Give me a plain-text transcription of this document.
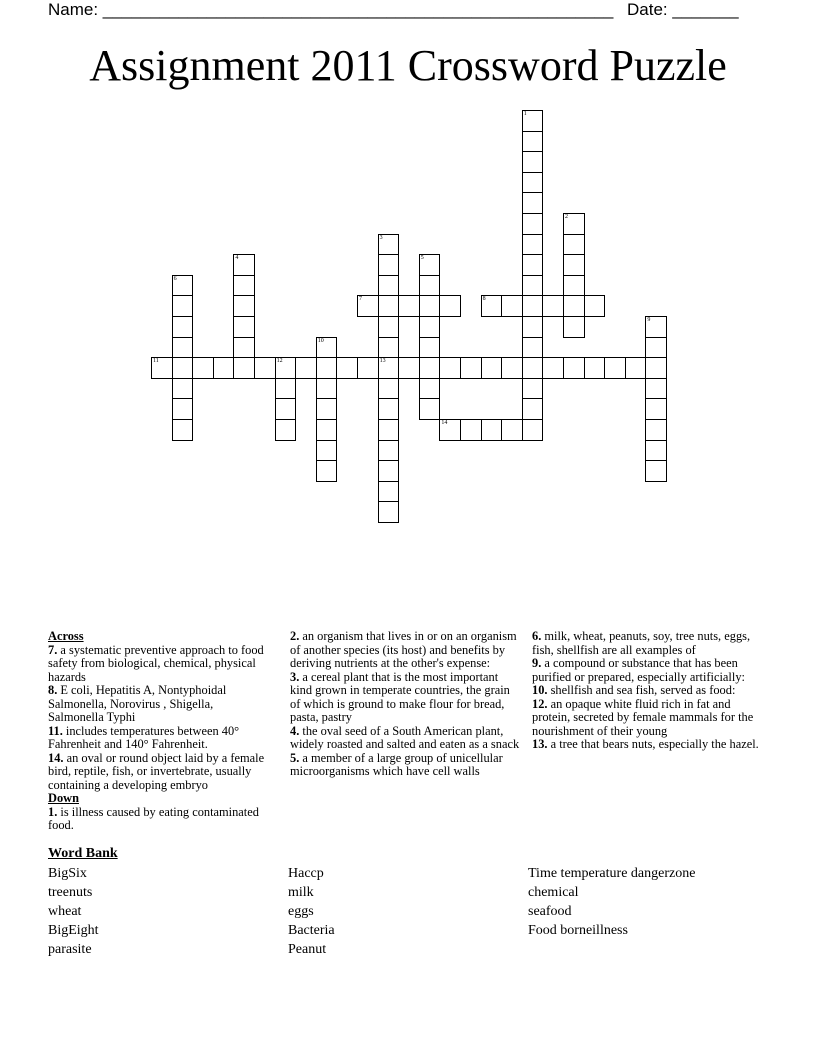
Name: ______________________________________________________ Date: _______
Assignment 2011 Crossword Puzzle
1
2
3
13
4	5
6
7	8
9
10
11	12
14

Across

7. a systematic preventive approach to food safety from biological, chemical, physical hazards

8. E coli, Hepatitis A, Nontyphoidal Salmonella, Norovirus , Shigella, Salmonella Typhi

11. includes temperatures between 40° Fahrenheit and 140° Fahrenheit.

14. an oval or round object laid by a female bird, reptile, fish, or invertebrate, usually containing a developing embryo

Down

1. is illness caused by eating contaminated food.

2. an organism that lives in or on an organism of another species (its host) and benefits by deriving nutrients at the other's expense:

3. a cereal plant that is the most important kind grown in temperate countries, the grain of which is ground to make flour for bread, pasta, pastry

4. the oval seed of a South American plant, widely roasted and salted and eaten as a snack

5. a member of a large group of unicellular microorganisms which have cell walls

6. milk, wheat, peanuts, soy, tree nuts, eggs, fish, shellfish are all examples of

9. a compound or substance that has been purified or prepared, especially artificially:

10. shellfish and sea fish, served as food:

12. an opaque white fluid rich in fat and protein, secreted by female mammals for the nourishment of their young

13. a tree that bears nuts, especially the hazel.

Word Bank
BigSix
treenuts
wheat
BigEight
parasite
Haccp
milk
eggs
Bacteria
Peanut
Time temperature dangerzone
chemical
seafood
Food borneillness
